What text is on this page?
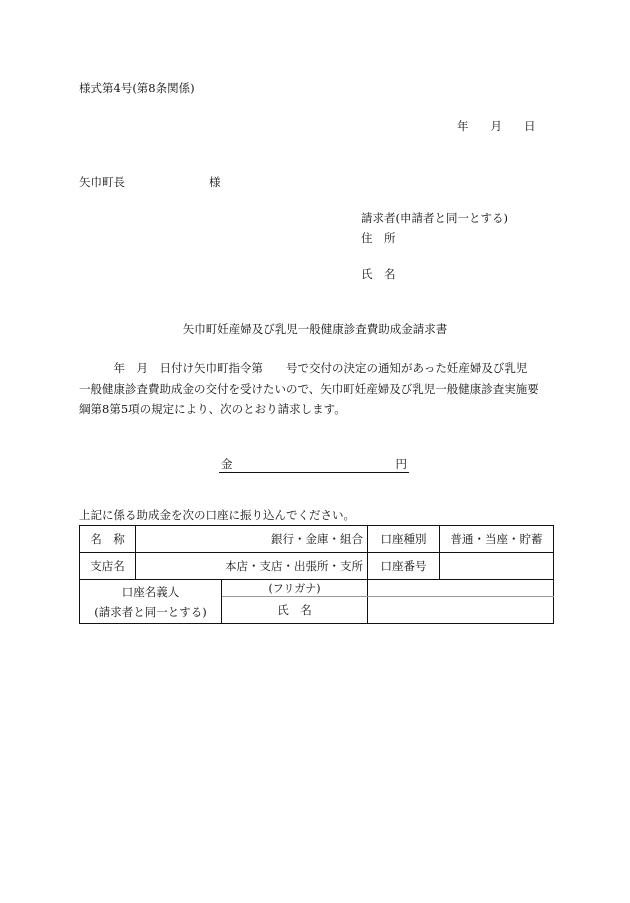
様式第4号(第8条関係)
年 月 日
矢巾町長	様
請求者(申請者と同一とする)
住　所
氏　名
矢巾町妊産婦及び乳児一般健康診査費助成金請求書
　　　年　月　日付け矢巾町指令第　　号で交付の決定の通知があった妊産婦及び乳児
一般健康診査費助成金の交付を受けたいので、矢巾町妊産婦及び乳児一般健康診査実施要
綱第8第5項の規定により、次のとおり請求します。
金	円
上記に係る助成金を次の口座に振り込んでください。
名　称	銀行・金庫・組合		口座種別	普通・当座・貯蓄
支店名	本店・支店・出張所・支所		口座番号	

口座名義人
(請求者と同一とする)		(フリガナ)		
		氏　名		
